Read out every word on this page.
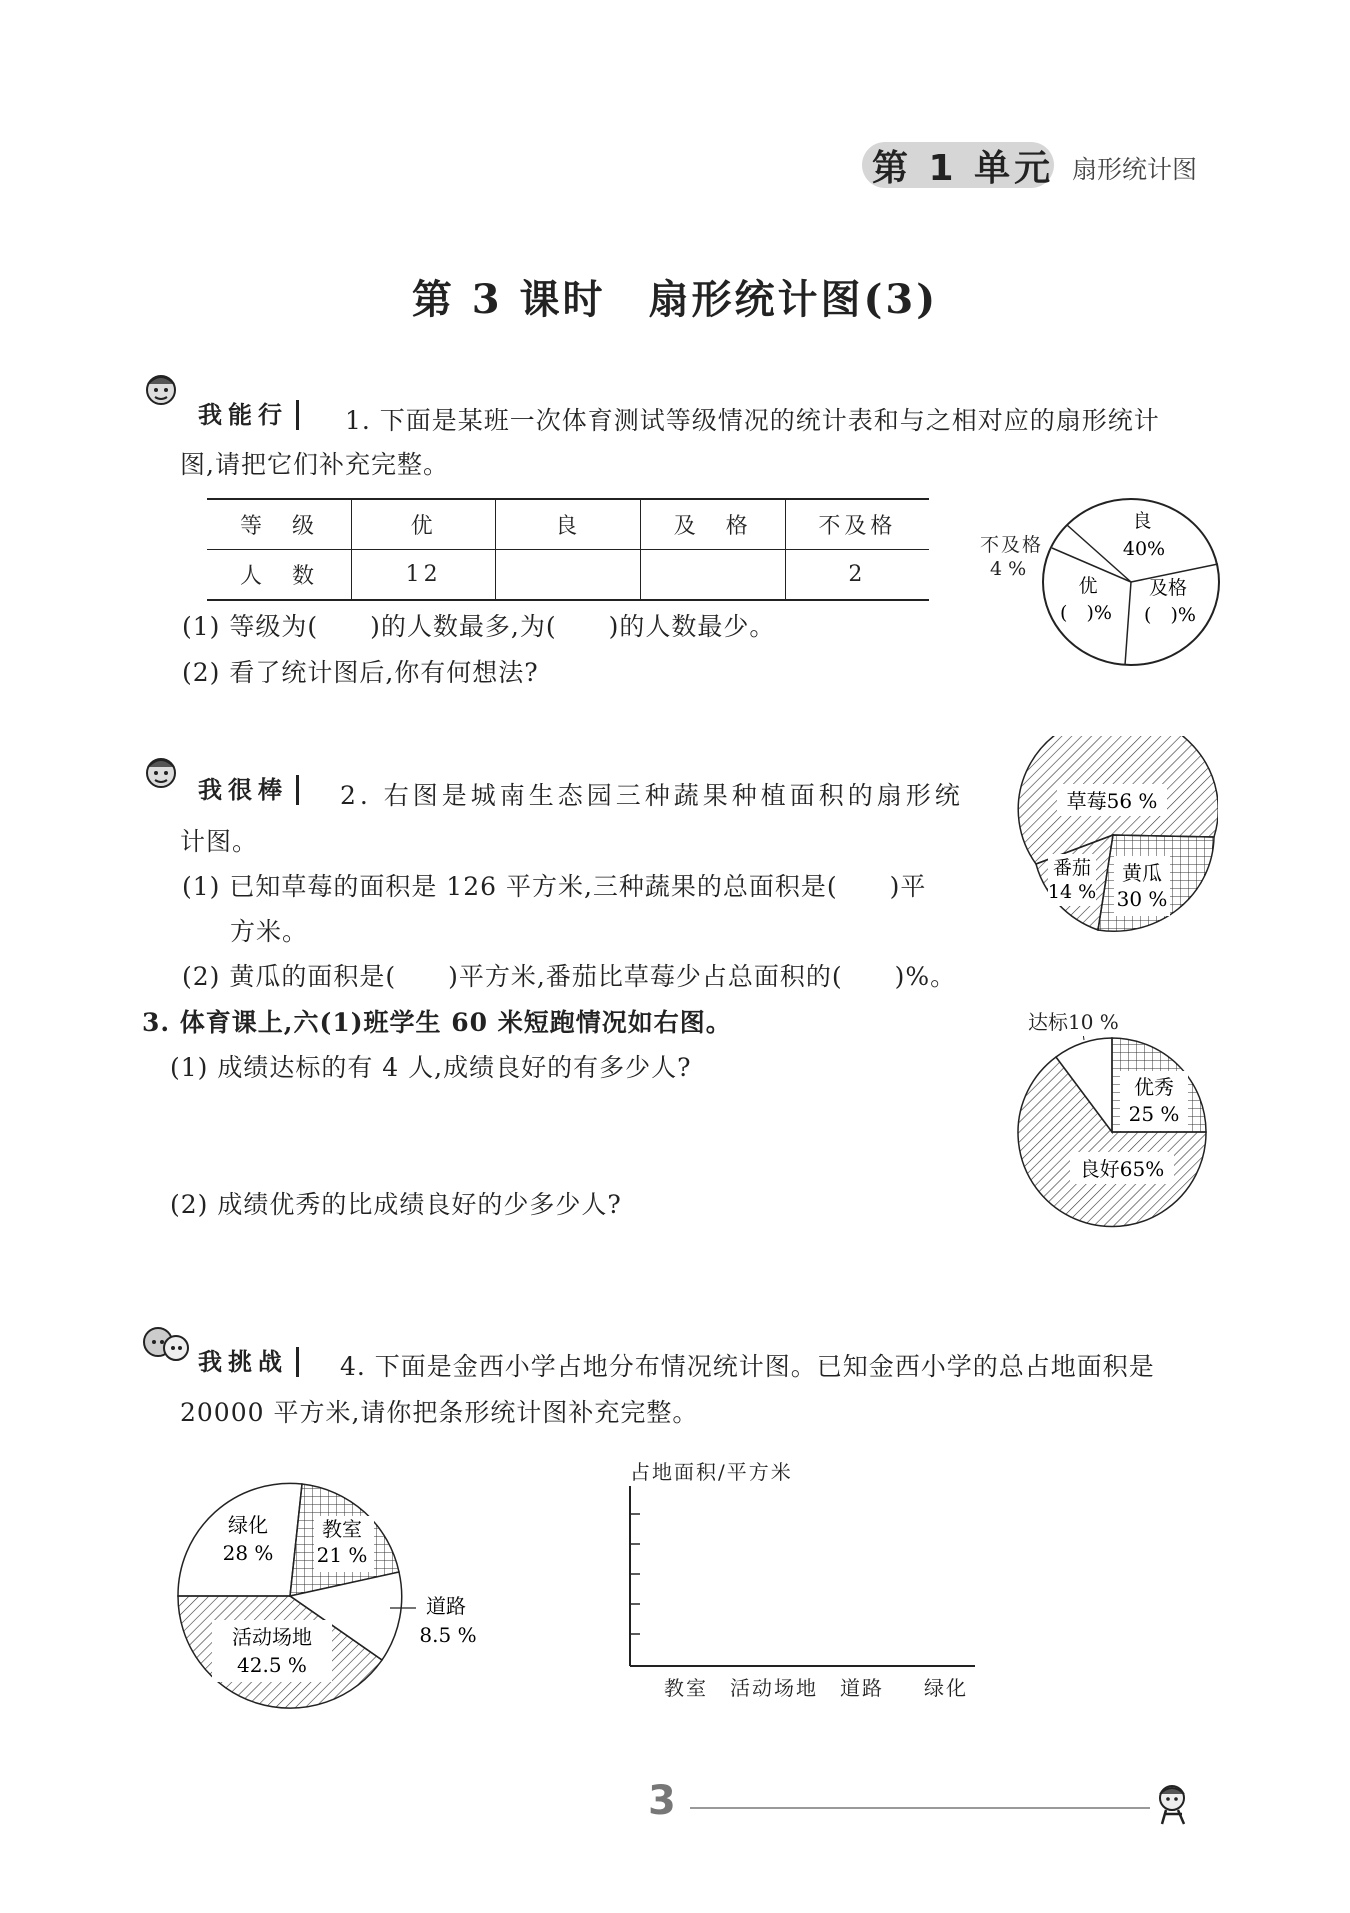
第 1 单元 扇形统计图
第 3 课时　扇形统计图(3)
我能行	1. 下面是某班一次体育测试等级情况的统计表和与之相对应的扇形统计
图,请把它们补充完整。
等　级	优	良	及　格	不及格
人　数	12			2
(1) 等级为(　　)的人数最多,为(　　)的人数最少。
(2) 看了统计图后,你有何想法?
良
40%
优
(　)%
及格
(　)%
不及格
4 %
我很棒	2. 右图是城南生态园三种蔬果种植面积的扇形统
计图。
(1) 已知草莓的面积是 126 平方米,三种蔬果的总面积是(　　)平
方米。
(2) 黄瓜的面积是(　　)平方米,番茄比草莓少占总面积的(　　)%。
草莓56 %
黄瓜
30 %
番茄
14 %
3. 体育课上,六(1)班学生 60 米短跑情况如右图。
(1) 成绩达标的有 4 人,成绩良好的有多少人?
(2) 成绩优秀的比成绩良好的少多少人?
达标10 %
优秀
25 %
良好65%
我挑战	4. 下面是金西小学占地分布情况统计图。已知金西小学的总占地面积是
20000 平方米,请你把条形统计图补充完整。
绿化
28 %
教室
21 %
道路
8.5 %
活动场地
42.5 %
占地面积/平方米
教室 活动场地 道路 绿化
3
